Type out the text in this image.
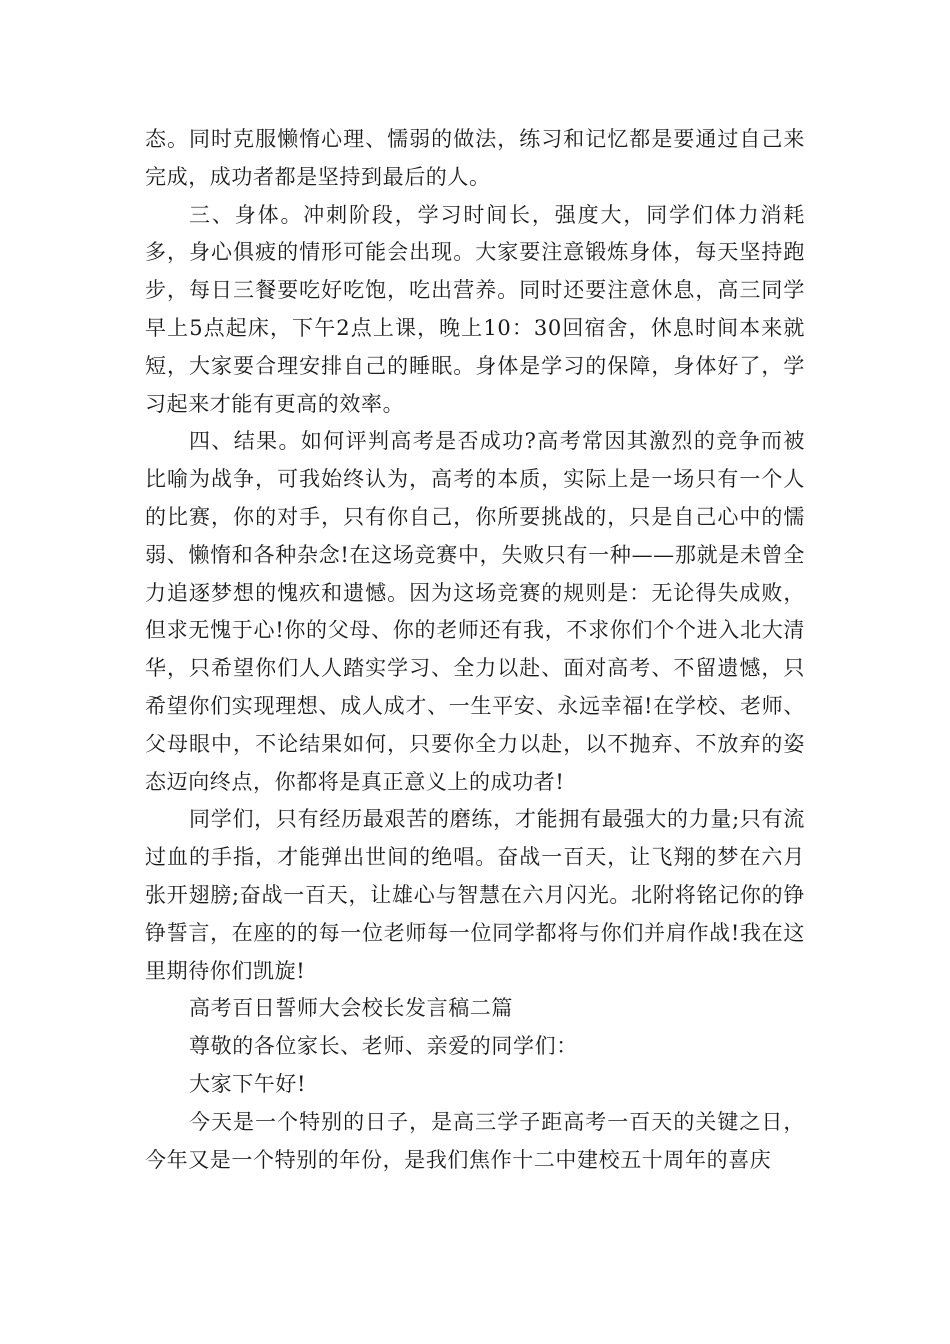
态。同时克服懒惰心理、懦弱的做法，练习和记忆都是要通过自己来完成，成功者都是坚持到最后的人。

三、身体。冲刺阶段，学习时间长，强度大，同学们体力消耗多，身心俱疲的情形可能会出现。大家要注意锻炼身体，每天坚持跑步，每日三餐要吃好吃饱，吃出营养。同时还要注意休息，高三同学早上5点起床，下午2点上课，晚上10：30回宿舍，休息时间本来就短，大家要合理安排自己的睡眠。身体是学习的保障，身体好了，学习起来才能有更高的效率。

四、结果。如何评判高考是否成功?高考常因其激烈的竞争而被比喻为战争，可我始终认为，高考的本质，实际上是一场只有一个人的比赛，你的对手，只有你自己，你所要挑战的，只是自己心中的懦弱、懒惰和各种杂念!在这场竞赛中，失败只有一种——那就是未曾全力追逐梦想的愧疚和遗憾。因为这场竞赛的规则是：无论得失成败，但求无愧于心!你的父母、你的老师还有我，不求你们个个进入北大清华，只希望你们人人踏实学习、全力以赴、面对高考、不留遗憾，只希望你们实现理想、成人成才、一生平安、永远幸福!在学校、老师、父母眼中，不论结果如何，只要你全力以赴，以不抛弃、不放弃的姿态迈向终点，你都将是真正意义上的成功者!

同学们，只有经历最艰苦的磨练，才能拥有最强大的力量;只有流过血的手指，才能弹出世间的绝唱。奋战一百天，让飞翔的梦在六月张开翅膀;奋战一百天，让雄心与智慧在六月闪光。北附将铭记你的铮铮誓言，在座的的每一位老师每一位同学都将与你们并肩作战!我在这里期待你们凯旋!

高考百日誓师大会校长发言稿二篇

尊敬的各位家长、老师、亲爱的同学们：

大家下午好!

今天是一个特别的日子，是高三学子距高考一百天的关键之日，今年又是一个特别的年份，是我们焦作十二中建校五十周年的喜庆
